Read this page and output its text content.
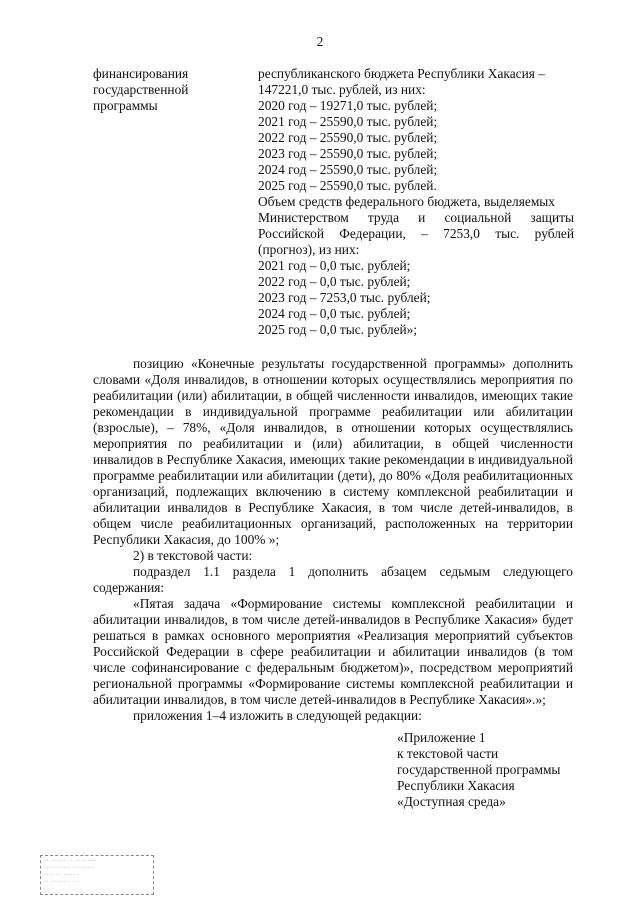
2
финансирования
государственной
программы
республиканского бюджета Республики Хакасия –
147221,0 тыс. рублей, из них:
2020 год – 19271,0 тыс. рублей;
2021 год – 25590,0 тыс. рублей;
2022 год – 25590,0 тыс. рублей;
2023 год – 25590,0 тыс. рублей;
2024 год – 25590,0 тыс. рублей;
2025 год – 25590,0 тыс. рублей.
Объем средств федерального бюджета, выделяемых
Министерством труда и социальной защиты
Российской Федерации, – 7253,0 тыс. рублей
(прогноз), из них:
2021 год – 0,0 тыс. рублей;
2022 год – 0,0 тыс. рублей;
2023 год – 7253,0 тыс. рублей;
2024 год – 0,0 тыс. рублей;
2025 год – 0,0 тыс. рублей»;

позицию «Конечные результаты государственной программы» дополнить словами «Доля инвалидов, в отношении которых осуществлялись мероприятия по реабилитации (или) абилитации, в общей численности инвалидов, имеющих такие рекомендации в индивидуальной программе реабилитации или абилитации (взрослые), – 78%, «Доля инвалидов, в отношении которых осуществлялись мероприятия по реабилитации и (или) абилитации, в общей численности инвалидов в Республике Хакасия, имеющих такие рекомендации в индивидуальной программе реабилитации или абилитации (дети), до 80% «Доля реабилитационных организаций, подлежащих включению в систему комплексной реабилитации и абилитации инвалидов в Республике Хакасия, в том числе детей-инвалидов, в общем числе реабилитационных организаций, расположенных на территории Республики Хакасия, до 100% »;

2) в текстовой части:

подраздел 1.1 раздела 1 дополнить абзацем седьмым следующего содержания:

«Пятая задача «Формирование системы комплексной реабилитации и абилитации инвалидов, в том числе детей-инвалидов в Республике Хакасия» будет решаться в рамках основного мероприятия «Реализация мероприятий субъектов Российской Федерации в сфере реабилитации и абилитации инвалидов (в том числе софинансирование с федеральным бюджетом)», посредством мероприятий региональной программы «Формирование системы комплексной реабилитации и абилитации инвалидов, в том числе детей-инвалидов в Республике Хакасия».»;

приложения 1–4 изложить в следующей редакции:

«Приложение 1
к текстовой части
государственной программы
Республики Хакасия
«Доступная среда»
·· ······ ·· ·· ······
······ ···· ·········
···· ·· ·······
·· ········ ···
